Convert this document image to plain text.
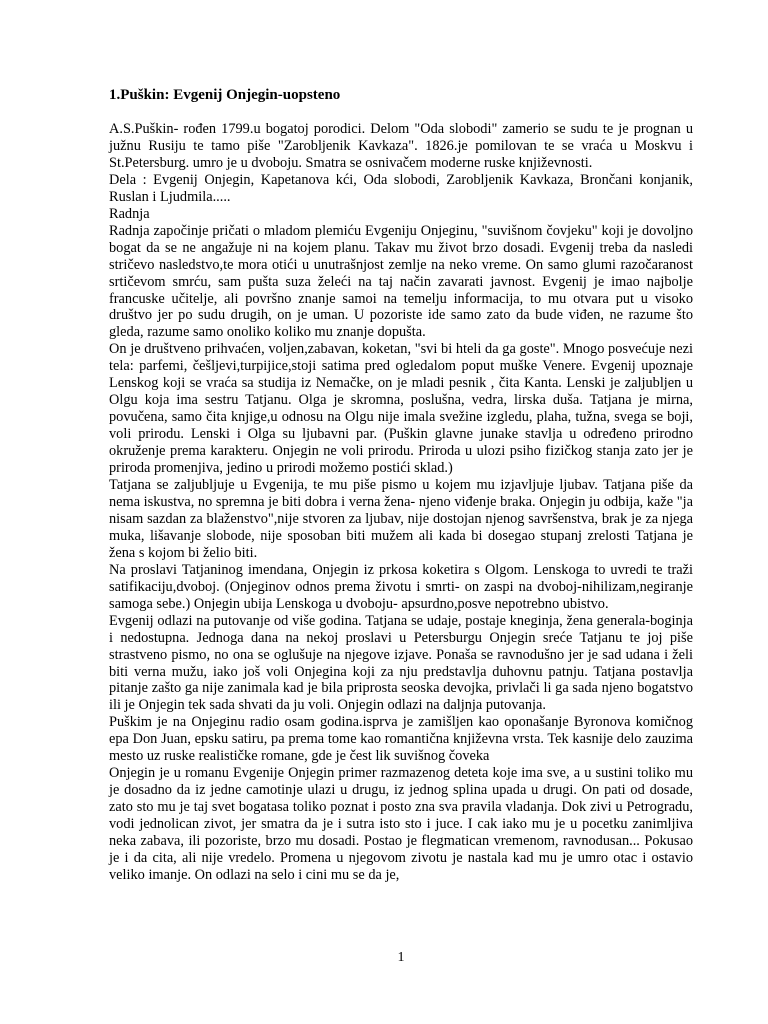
1.Puškin: Evgenij Onjegin-uopsteno

A.S.Puškin- rođen 1799.u bogatoj porodici. Delom "Oda slobodi" zamerio se sudu te je prognan u južnu Rusiju te tamo piše "Zarobljenik Kavkaza". 1826.je pomilovan te se vraća u Moskvu i St.Petersburg. umro je u dvoboju. Smatra se osnivačem moderne ruske književnosti.

Dela : Evgenij Onjegin, Kapetanova kći, Oda slobodi, Zarobljenik Kavkaza, Brončani konjanik, Ruslan i Ljudmila.....

Radnja

Radnja započinje pričati o mladom plemiću Evgeniju Onjeginu, "suvišnom čovjeku" koji je dovoljno bogat da se ne angažuje ni na kojem planu. Takav mu život brzo dosadi. Evgenij treba da nasledi stričevo nasledstvo,te mora otići u unutrašnjost zemlje na neko vreme. On samo glumi razočaranost srtičevom smrću, sam pušta suza želeći na taj način zavarati javnost. Evgenij je imao najbolje francuske učitelje, ali površno znanje samoi na temelju informacija, to mu otvara put u visoko društvo jer po sudu drugih, on je uman. U pozoriste ide samo zato da bude viđen, ne razume što gleda, razume samo onoliko koliko mu znanje dopušta.

On je društveno prihvaćen, voljen,zabavan, koketan, "svi bi hteli da ga goste". Mnogo posvećuje nezi tela: parfemi, češljevi,turpijice,stoji satima pred ogledalom poput muške Venere. Evgenij upoznaje Lenskog koji se vraća sa studija iz Nemačke, on je mladi pesnik , čita Kanta. Lenski je zaljubljen u Olgu koja ima sestru Tatjanu. Olga je skromna, poslušna, vedra, lirska duša. Tatjana je mirna, povučena, samo čita knjige,u odnosu na Olgu nije imala svežine izgledu, plaha, tužna, svega se boji, voli prirodu. Lenski i Olga su ljubavni par. (Puškin glavne junake stavlja u određeno prirodno okruženje prema karakteru. Onjegin ne voli prirodu. Priroda u ulozi psiho fizičkog stanja zato jer je priroda promenjiva, jedino u prirodi možemo postići sklad.)

Tatjana se zaljubljuje u Evgenija, te mu piše pismo u kojem mu izjavljuje ljubav. Tatjana piše da nema iskustva, no spremna je biti dobra i verna žena- njeno viđenje braka. Onjegin ju odbija, kaže "ja nisam sazdan za blaženstvo",nije stvoren za ljubav, nije dostojan njenog savršenstva, brak je za njega muka, lišavanje slobode, nije sposoban biti mužem ali kada bi dosegao stupanj zrelosti Tatjana je žena s kojom bi želio biti.

Na proslavi Tatjaninog imendana, Onjegin iz prkosa koketira s Olgom. Lenskoga to uvredi te traži satifikaciju,dvoboj. (Onjeginov odnos prema životu i smrti- on zaspi na dvoboj-nihilizam,negiranje samoga sebe.) Onjegin ubija Lenskoga u dvoboju- apsurdno,posve nepotrebno ubistvo.

Evgenij odlazi na putovanje od više godina. Tatjana se udaje, postaje kneginja, žena generala-boginja i nedostupna. Jednoga dana na nekoj proslavi u Petersburgu Onjegin sreće Tatjanu te joj piše strastveno pismo, no ona se oglušuje na njegove izjave. Ponaša se ravnodušno jer je sad udana i želi biti verna mužu, iako još voli Onjegina koji za nju predstavlja duhovnu patnju. Tatjana postavlja pitanje zašto ga nije zanimala kad je bila priprosta seoska devojka, privlači li ga sada njeno bogatstvo ili je Onjegin tek sada shvati da ju voli. Onjegin odlazi na daljnja putovanja.

Puškim je na Onjeginu radio osam godina.isprva je zamišljen kao oponašanje Byronova komičnog epa Don Juan, epsku satiru, pa prema tome kao romantična književna vrsta. Tek kasnije delo zauzima mesto uz ruske realističke romane, gde je čest lik suvišnog čoveka

Onjegin je u romanu Evgenije Onjegin primer razmazenog deteta koje ima sve, a u sustini toliko mu je dosadno da iz jedne camotinje ulazi u drugu, iz jednog splina upada u drugi. On pati od dosade, zato sto mu je taj svet bogatasa toliko poznat i posto zna sva pravila vladanja. Dok zivi u Petrogradu, vodi jednolican zivot, jer smatra da je i sutra isto sto i juce. I cak iako mu je u pocetku zanimljiva neka zabava, ili pozoriste, brzo mu dosadi. Postao je flegmatican vremenom, ravnodusan... Pokusao je i da cita, ali nije vredelo. Promena u njegovom zivotu je nastala kad mu je umro otac i ostavio veliko imanje. On odlazi na selo i cini mu se da je,

1
